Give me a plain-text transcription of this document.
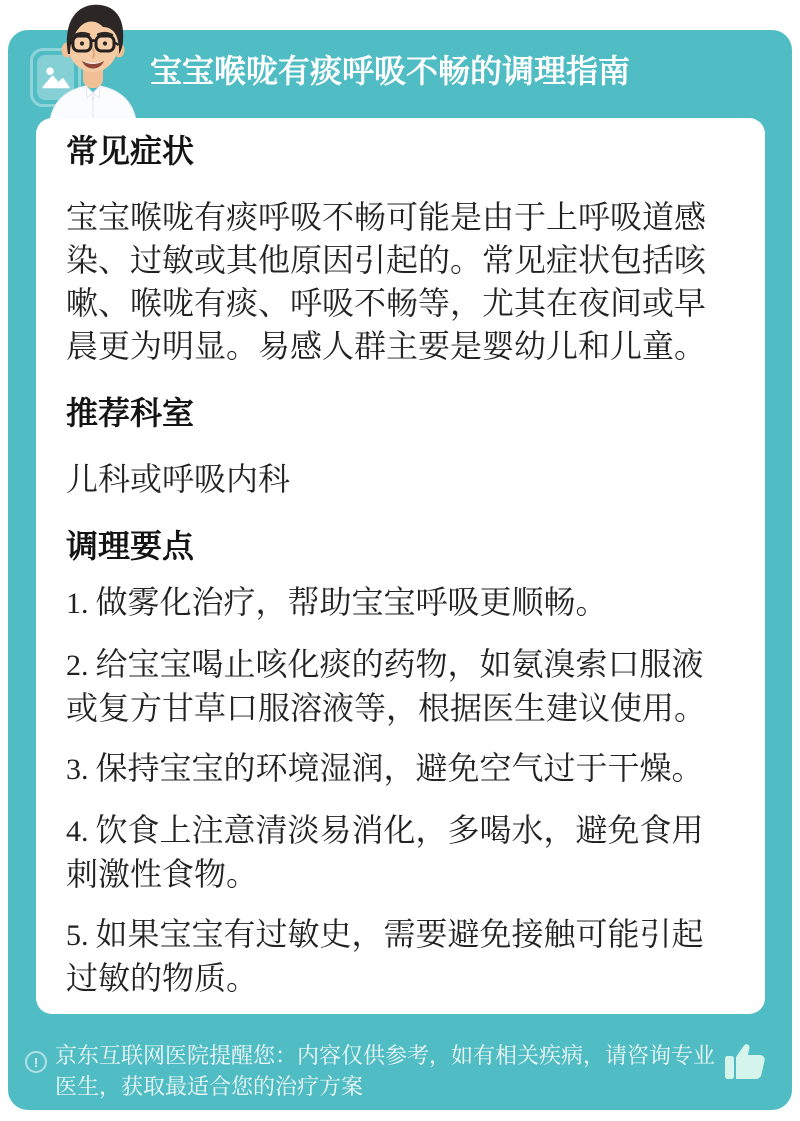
宝宝喉咙有痰呼吸不畅的调理指南
常见症状

宝宝喉咙有痰呼吸不畅可能是由于上呼吸道感染、过敏或其他原因引起的。常见症状包括咳嗽、喉咙有痰、呼吸不畅等，尤其在夜间或早晨更为明显。易感人群主要是婴幼儿和儿童。

推荐科室

儿科或呼吸内科

调理要点
1. 做雾化治疗，帮助宝宝呼吸更顺畅。
2. 给宝宝喝止咳化痰的药物，如氨溴索口服液或复方甘草口服溶液等，根据医生建议使用。
3. 保持宝宝的环境湿润，避免空气过于干燥。
4. 饮食上注意清淡易消化，多喝水，避免食用刺激性食物。
5. 如果宝宝有过敏史，需要避免接触可能引起过敏的物质。
! 京东互联网医院提醒您：内容仅供参考，如有相关疾病，请咨询专业医生，获取最适合您的治疗方案
